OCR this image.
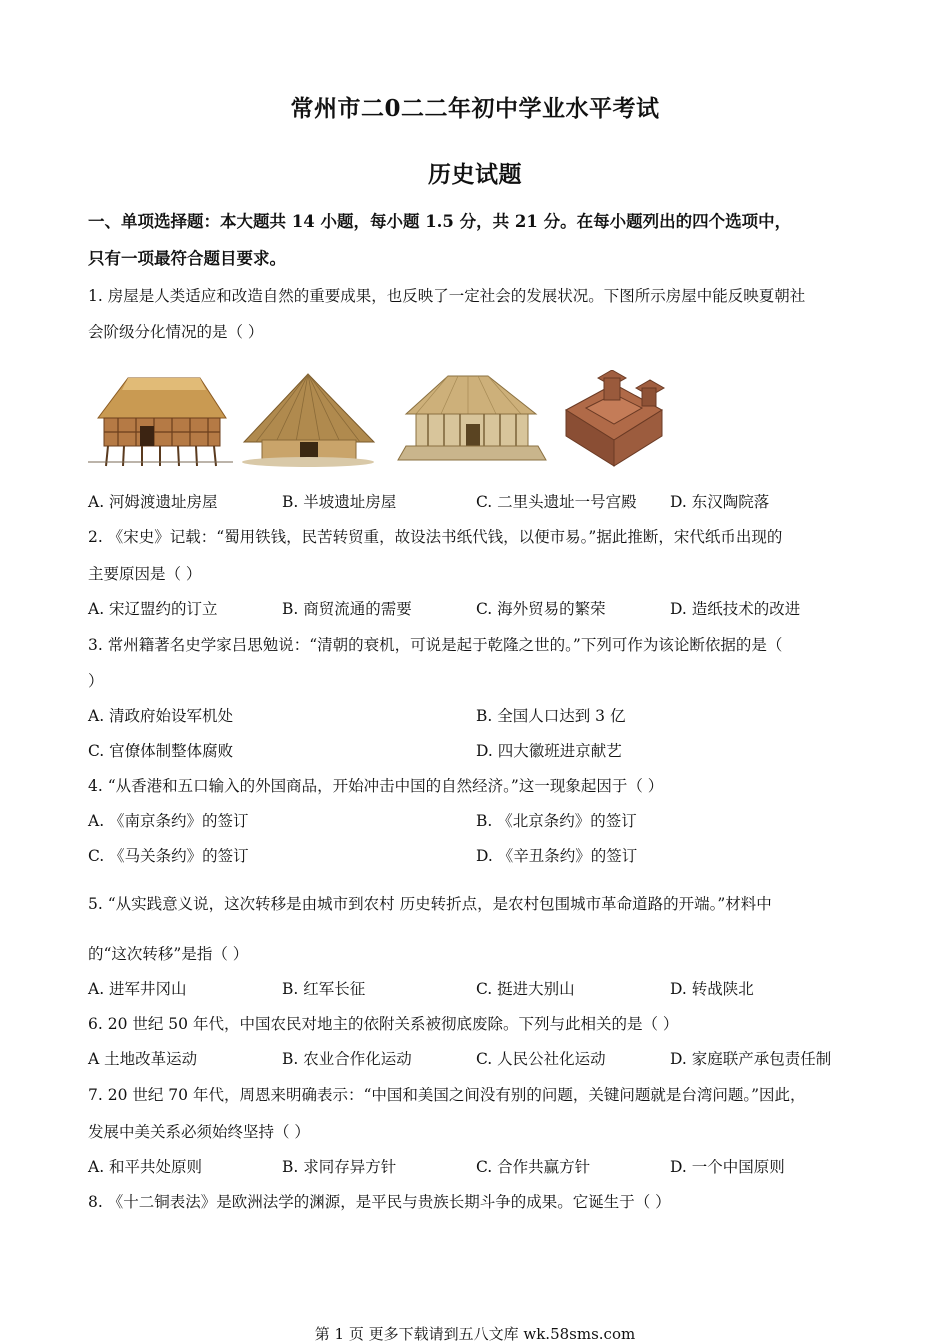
常州市二0二二年初中学业水平考试
历史试题
一、单项选择题：本大题共 14 小题，每小题 1.5 分，共 21 分。在每小题列出的四个选项中，
只有一项最符合题目要求。
1. 房屋是人类适应和改造自然的重要成果，也反映了一定社会的发展状况。下图所示房屋中能反映夏朝社
会阶级分化情况的是（ ）
A. 河姆渡遗址房屋	B. 半坡遗址房屋	C. 二里头遗址一号宫殿 D. 东汉陶院落
2. 《宋史》记载：“蜀用铁钱，民苦转贸重，故设法书纸代钱，以便市易。”据此推断，宋代纸币出现的
主要原因是（ ）
A. 宋辽盟约的订立	B. 商贸流通的需要	C. 海外贸易的繁荣	D. 造纸技术的改进
3. 常州籍著名史学家吕思勉说：“清朝的衰机，可说是起于乾隆之世的。”下列可作为该论断依据的是（
）
A. 清政府始设军机处	B. 全国人口达到 3 亿
C. 官僚体制整体腐败	D. 四大徽班进京献艺
4. “从香港和五口输入的外国商品，开始冲击中国的自然经济。”这一现象起因于（ ）
A. 《南京条约》的签订	B. 《北京条约》的签订
C. 《马关条约》的签订	D. 《辛丑条约》的签订
5. “从实践意义说，这次转移是由城市到农村 历史转折点，是农村包围城市革命道路的开端。”材料中
的“这次转移”是指（ ）
A. 进军井冈山	B. 红军长征	C. 挺进大别山	D. 转战陕北
6. 20 世纪 50 年代，中国农民对地主的依附关系被彻底废除。下列与此相关的是（ ）
A 土地改革运动	B. 农业合作化运动	C. 人民公社化运动	D. 家庭联产承包责任制
7. 20 世纪 70 年代，周恩来明确表示：“中国和美国之间没有别的问题，关键问题就是台湾问题。”因此，
发展中美关系必须始终坚持（ ）
A. 和平共处原则	B. 求同存异方针	C. 合作共赢方针	D. 一个中国原则
8. 《十二铜表法》是欧洲法学的渊源，是平民与贵族长期斗争的成果。它诞生于（ ）
第 1 页 更多下载请到五八文库 wk.58sms.com
